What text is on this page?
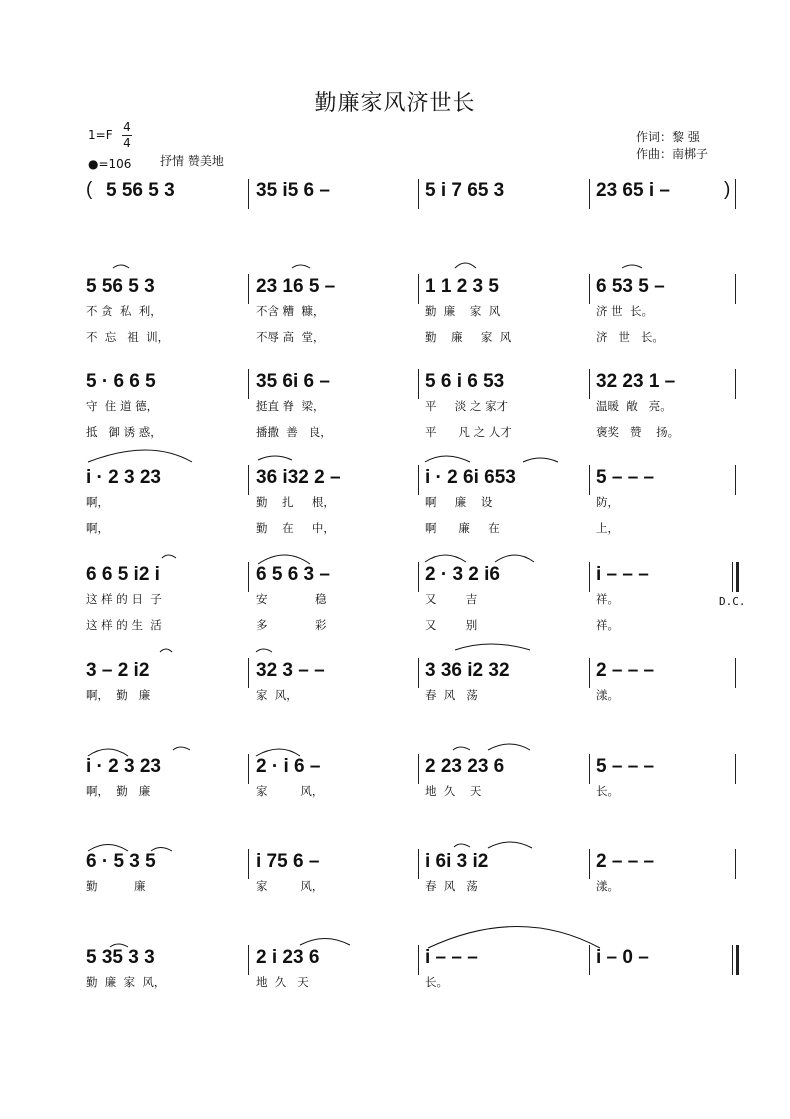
勤廉家风济世长
1=F
4
4
●=106 抒情 赞美地
作词：黎 强
作曲：南梆子
( 5 56 5 3	35 i5 6 –	5 i 7 65 3	23 65 i –	)
5 56 5 3	23 16 5 –	1 1 2 3 5	6 53 5 –
不 贪  私  利，	不含 糟  糠，	勤  廉    家  风	济 世  长。
不  忘   祖  训，	不辱 高  堂，	勤    廉     家  风	济   世   长。
5 · 6 6 5	35 6i 6 –	5 6 i 6 53	32 23 1 –
守  住 道 德，	挺直 脊  梁，	平     淡 之 家才	温暖  敞   亮。
抵   御 诱 惑，	播撒  善   良，	平      凡 之 人才	褒奖   赞    扬。
i · 2 3 23	36 i32 2 –	i · 2 6i 653	5 – – –
啊，	勤    扎     根，	啊     廉    设	防，
啊，	勤    在     中，	啊      廉     在	上，
6 6 5 i2 i	6 5 6 3 –	2 · 3 2 i6	i – – –
D.C.
这 样 的 日  子	安             稳	又        吉	祥。
这 样 的 生  活	多             彩	又        别	祥。
3 – 2 i2	32 3 – –	3 36 i2 32	2 – – –
啊，  勤   廉	家  风，	春  风   荡	漾。
i · 2 3 23	2 · i 6 –	2 23 23 6	5 – – –
啊，  勤   廉	家         风，	地  久    天	长。
6 · 5 3 5	i 75 6 –	i 6i 3 i2	2 – – –
勤          廉	家         风，	春  风   荡	漾。
5 35 3 3	2 i 23 6	i – – –	i – 0 –
勤  廉  家  风，	地  久   天	长。
